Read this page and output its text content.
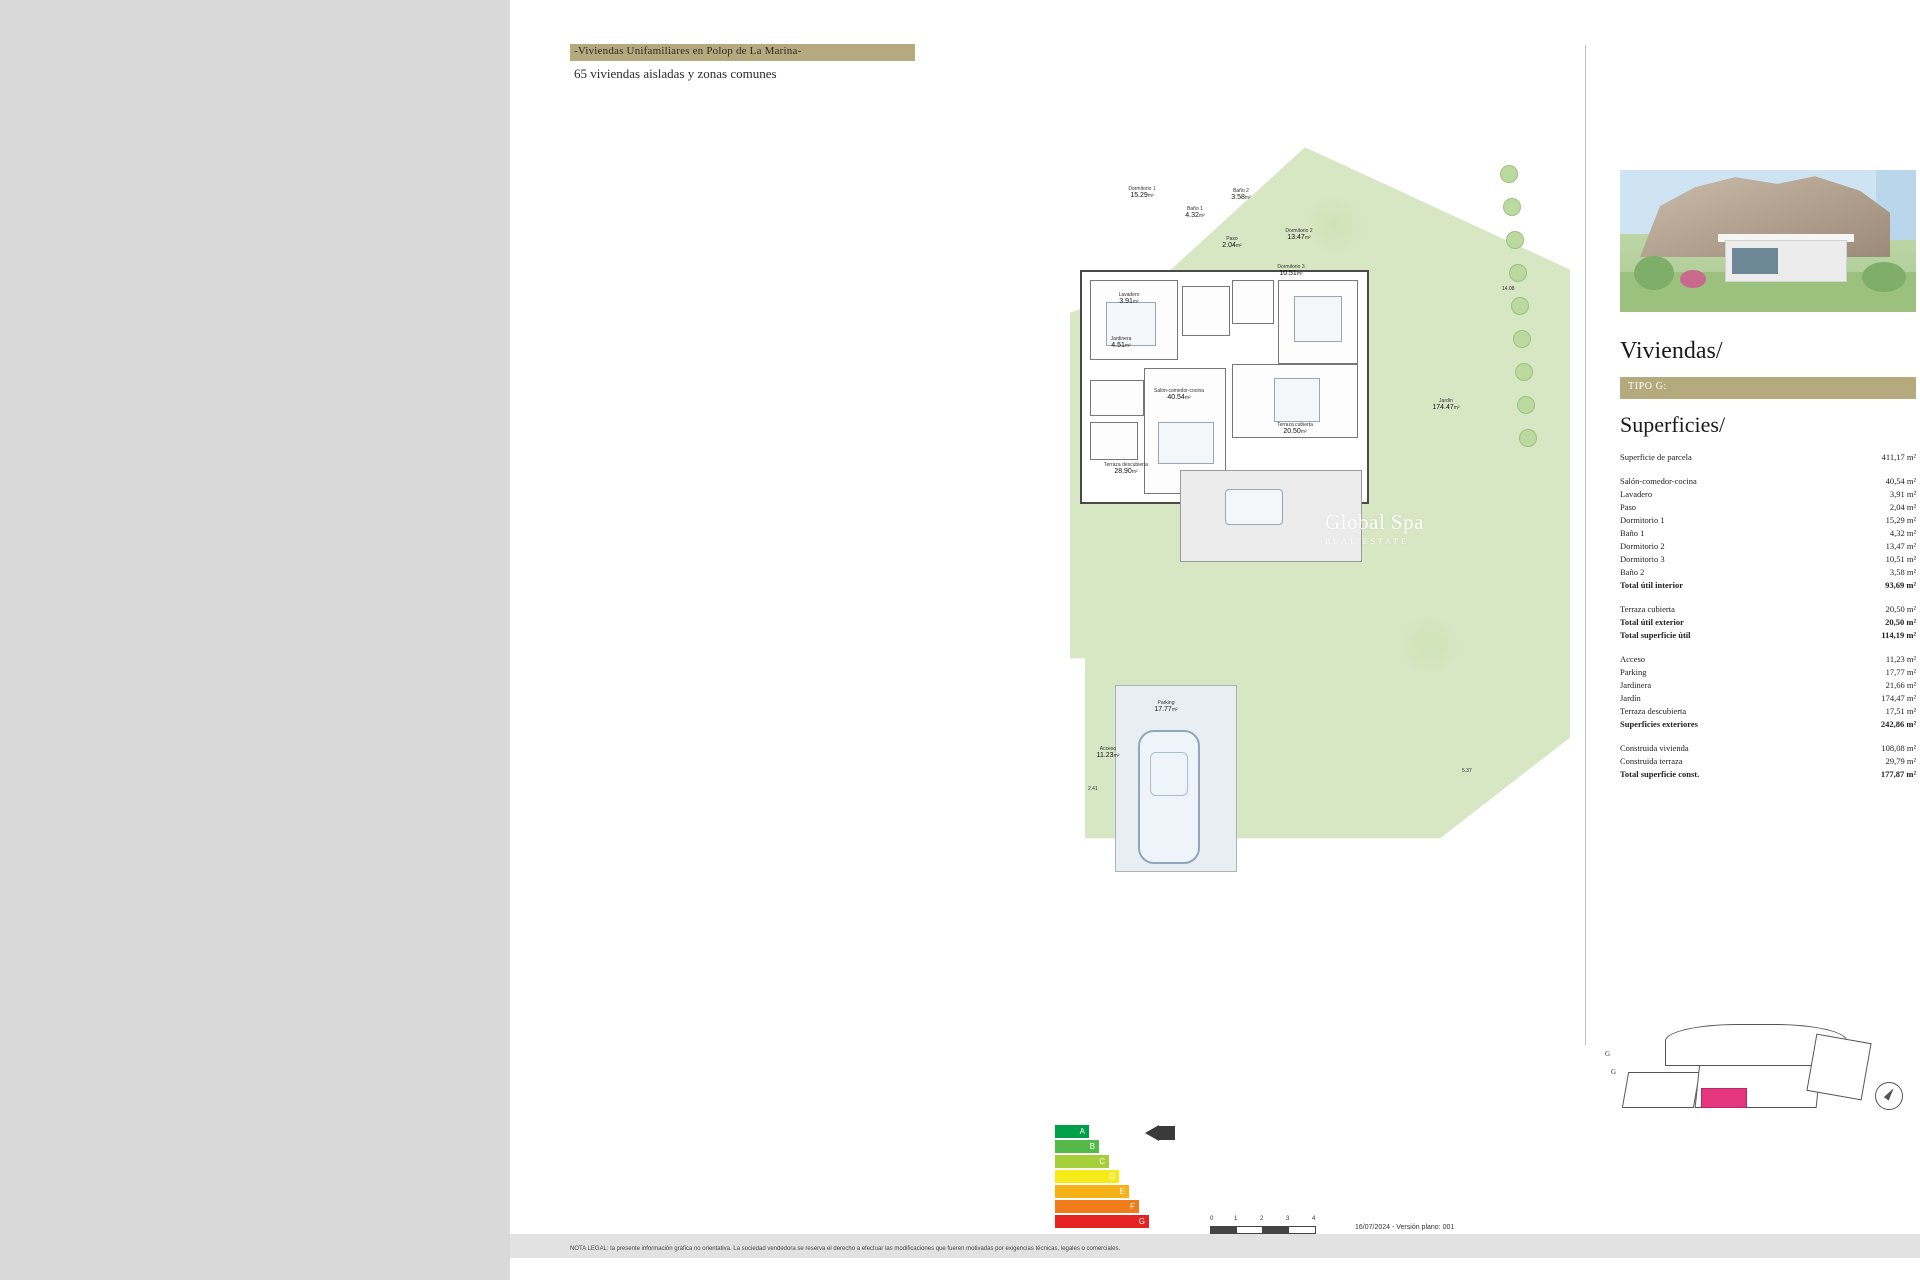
-Viviendas Unifamiliares en Polop de La Marina-
65 viviendas aisladas y zonas comunes
Dormitorio 1
15.29m²
Baño 1
4.32m²
Baño 2
3.58m²
Paso
2.04m²
Dormitorio 2
13.47m²
Dormitorio 3
10.51m²
Lavadero
3.91m²
Jardinera
4.51m²
Salón-comedor-cocina
40.54m²
Terraza cubierta
20.50m²
Terraza descubierta
28.90m²
Jardín
174.47m²
Parking
17.77m²
Acceso
11.23m²
14.08
5.37
2.41
Global Spa
REAL ESTATE
Viviendas/
TIPO G:
Superficies/
Superficie de parcela	411,17 m²
Salón-comedor-cocina	40,54 m²
Lavadero	3,91 m²
Paso	2,04 m²
Dormitorio 1	15,29 m²
Baño 1	4,32 m²
Dormitorio 2	13,47 m²
Dormitorio 3	10,51 m²
Baño 2	3,58 m²
Total útil interior	93,69 m²
Terraza cubierta	20,50 m²
Total útil exterior	20,50 m²
Total superficie útil	114,19 m²
Acceso	11,23 m²
Parking	17,77 m²
Jardinera	21,66 m²
Jardín	174,47 m²
Terraza descubierta	17,51 m²
Superficies exteriores	242,86 m²
Construida vivienda	108,08 m²
Construida terraza	29,79 m²
Total superficie const.	177,87 m²
G
G
A
B
C
D
E
F
G	0	1	2	3	4
16/07/2024 - Versión plano: 001
NOTA LEGAL: la presente información gráfica no orientativa. La sociedad vendedora se reserva el derecho a efectuar las modificaciones que fueren motivadas por exigencias técnicas, legales o comerciales.
